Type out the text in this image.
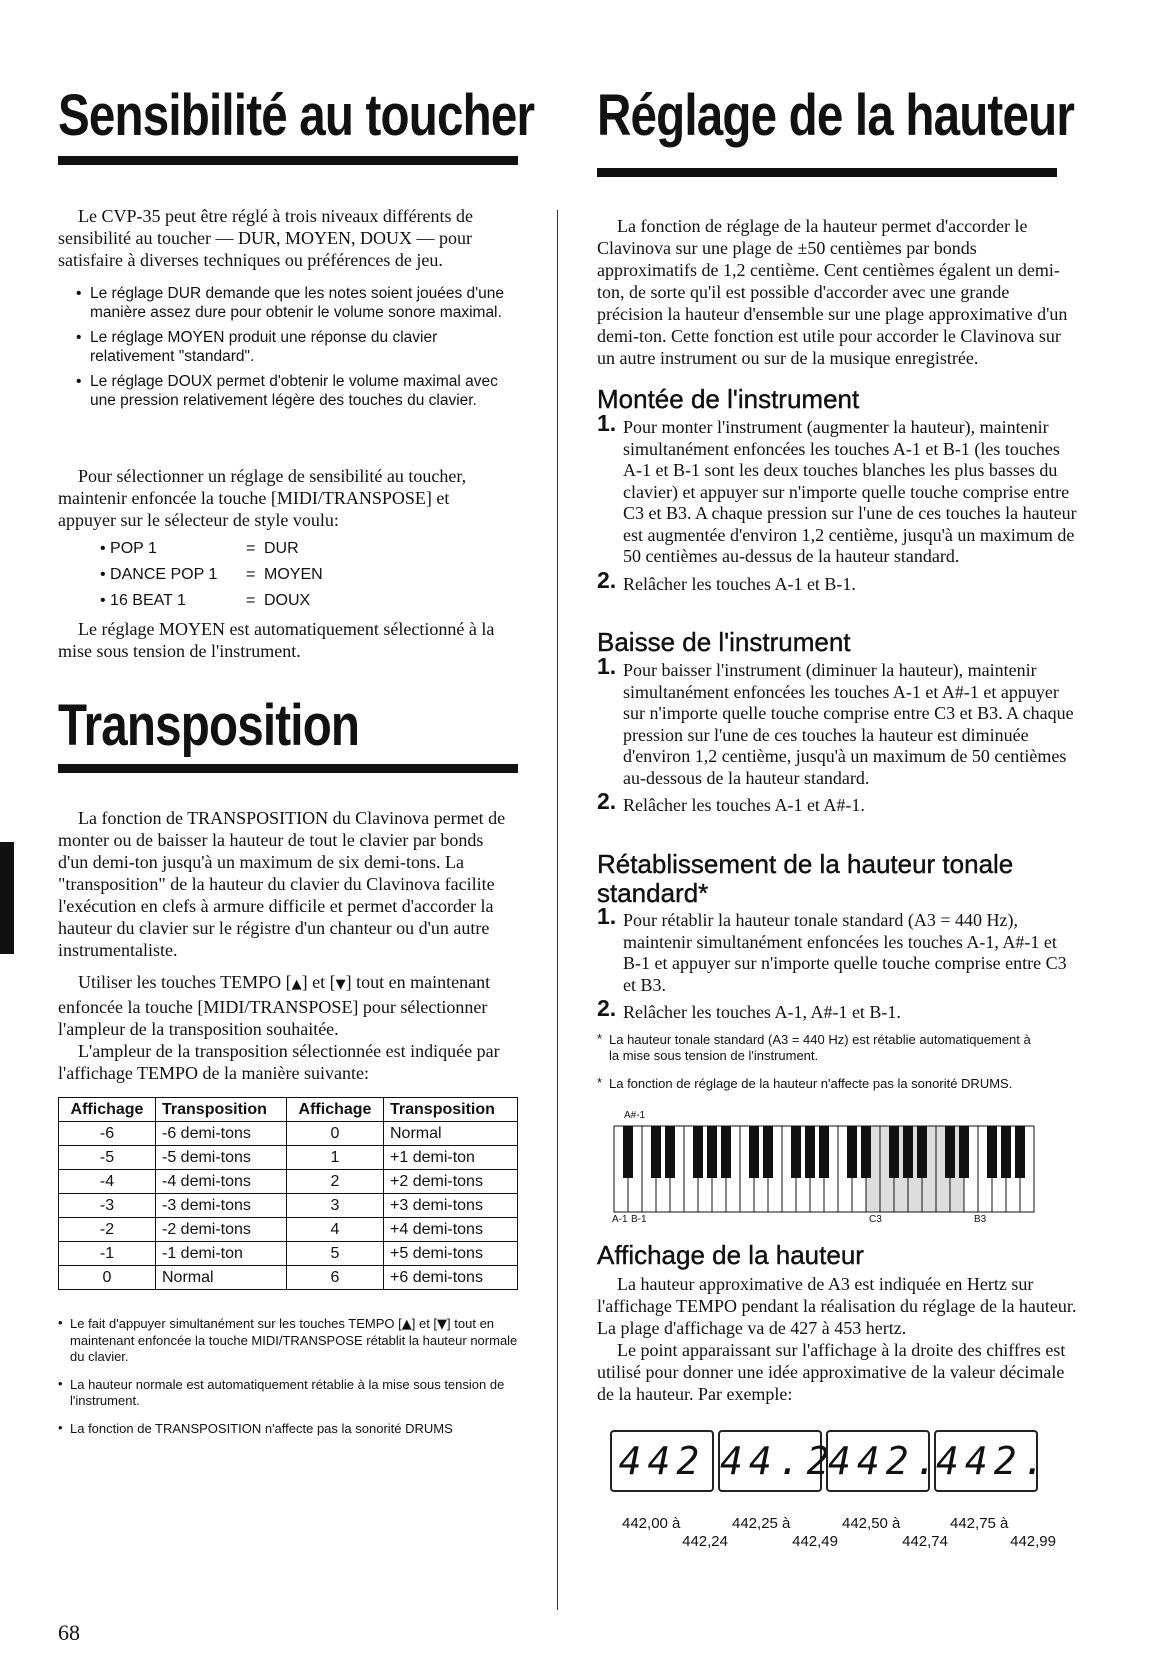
Sensibilité au toucher

Le CVP-35 peut être réglé à trois niveaux différents de sensibilité au toucher — DUR, MOYEN, DOUX — pour satisfaire à diverses techniques ou préférences de jeu.

• Le réglage DUR demande que les notes soient jouées d'une manière assez dure pour obtenir le volume sonore maximal.
• Le réglage MOYEN produit une réponse du clavier relativement "standard".
• Le réglage DOUX permet d'obtenir le volume maximal avec une pression relativement légère des touches du clavier.

Pour sélectionner un réglage de sensibilité au toucher, maintenir enfoncée la touche [MIDI/TRANSPOSE] et appuyer sur le sélecteur de style voulu:

• POP 1	= DUR
• DANCE POP 1 = MOYEN
• 16 BEAT 1	= DOUX

Le réglage MOYEN est automatiquement sélectionné à la mise sous tension de l'instrument.

Transposition

La fonction de TRANSPOSITION du Clavinova permet de monter ou de baisser la hauteur de tout le clavier par bonds d'un demi-ton jusqu'à un maximum de six demi-tons. La "transposition" de la hauteur du clavier du Clavinova facilite l'exécution en clefs à armure difficile et permet d'accorder la hauteur du clavier sur le régistre d'un chanteur ou d'un autre instrumentaliste.

Utiliser les touches TEMPO [▲] et [▼] tout en maintenant enfoncée la touche [MIDI/TRANSPOSE] pour sélectionner l'ampleur de la transposition souhaitée.

L'ampleur de la transposition sélectionnée est indiquée par l'affichage TEMPO de la manière suivante:

Affichage	Transposition	Affichage	Transposition
-6	-6 demi-tons	0	Normal
-5	-5 demi-tons	1	+1 demi-ton
-4	-4 demi-tons	2	+2 demi-tons
-3	-3 demi-tons	3	+3 demi-tons
-2	-2 demi-tons	4	+4 demi-tons
-1	-1 demi-ton	5	+5 demi-tons
0	Normal	6	+6 demi-tons
• Le fait d'appuyer simultanément sur les touches TEMPO [▲] et [▼] tout en maintenant enfoncée la touche MIDI/TRANSPOSE rétablit la hauteur normale du clavier.
• La hauteur normale est automatiquement rétablie à la mise sous tension de l'instrument.
• La fonction de TRANSPOSITION n'affecte pas la sonorité DRUMS
68
Réglage de la hauteur

La fonction de réglage de la hauteur permet d'accorder le Clavinova sur une plage de ±50 centièmes par bonds approximatifs de 1,2 centième. Cent centièmes égalent un demi-ton, de sorte qu'il est possible d'accorder avec une grande précision la hauteur d'ensemble sur une plage approximative d'un demi-ton. Cette fonction est utile pour accorder le Clavinova sur un autre instrument ou sur de la musique enregistrée.

Montée de l'instrument
1. Pour monter l'instrument (augmenter la hauteur), maintenir simultanément enfoncées les touches A-1 et B-1 (les touches A-1 et B-1 sont les deux touches blanches les plus basses du clavier) et appuyer sur n'importe quelle touche comprise entre C3 et B3. A chaque pression sur l'une de ces touches la hauteur est augmentée d'environ 1,2 centième, jusqu'à un maximum de 50 centièmes au-dessus de la hauteur standard.
2. Relâcher les touches A-1 et B-1.
Baisse de l'instrument
1. Pour baisser l'instrument (diminuer la hauteur), maintenir simultanément enfoncées les touches A-1 et A#-1 et appuyer sur n'importe quelle touche comprise entre C3 et B3. A chaque pression sur l'une de ces touches la hauteur est diminuée d'environ 1,2 centième, jusqu'à un maximum de 50 centièmes au-dessous de la hauteur standard.
2. Relâcher les touches A-1 et A#-1.
Rétablissement de la hauteur tonale standard*
1. Pour rétablir la hauteur tonale standard (A3 = 440 Hz), maintenir simultanément enfoncées les touches A-1, A#-1 et B-1 et appuyer sur n'importe quelle touche comprise entre C3 et B3.
2. Relâcher les touches A-1, A#-1 et B-1.
* La hauteur tonale standard (A3 = 440 Hz) est rétablie automatiquement à la mise sous tension de l'instrument.
* La fonction de réglage de la hauteur n'affecte pas la sonorité DRUMS.
A#-1
A-1 B-1	C3	B3
Affichage de la hauteur

La hauteur approximative de A3 est indiquée en Hertz sur l'affichage TEMPO pendant la réalisation du réglage de la hauteur. La plage d'affichage va de 427 à 453 hertz.

Le point apparaissant sur l'affichage à la droite des chiffres est utilisé pour donner une idée approximative de la valeur décimale de la hauteur. Par exemple:

442 44.2
442.
442.
442,00 à
442,24
442,25 à
442,49
442,50 à
442,74
442,75 à
442,99
